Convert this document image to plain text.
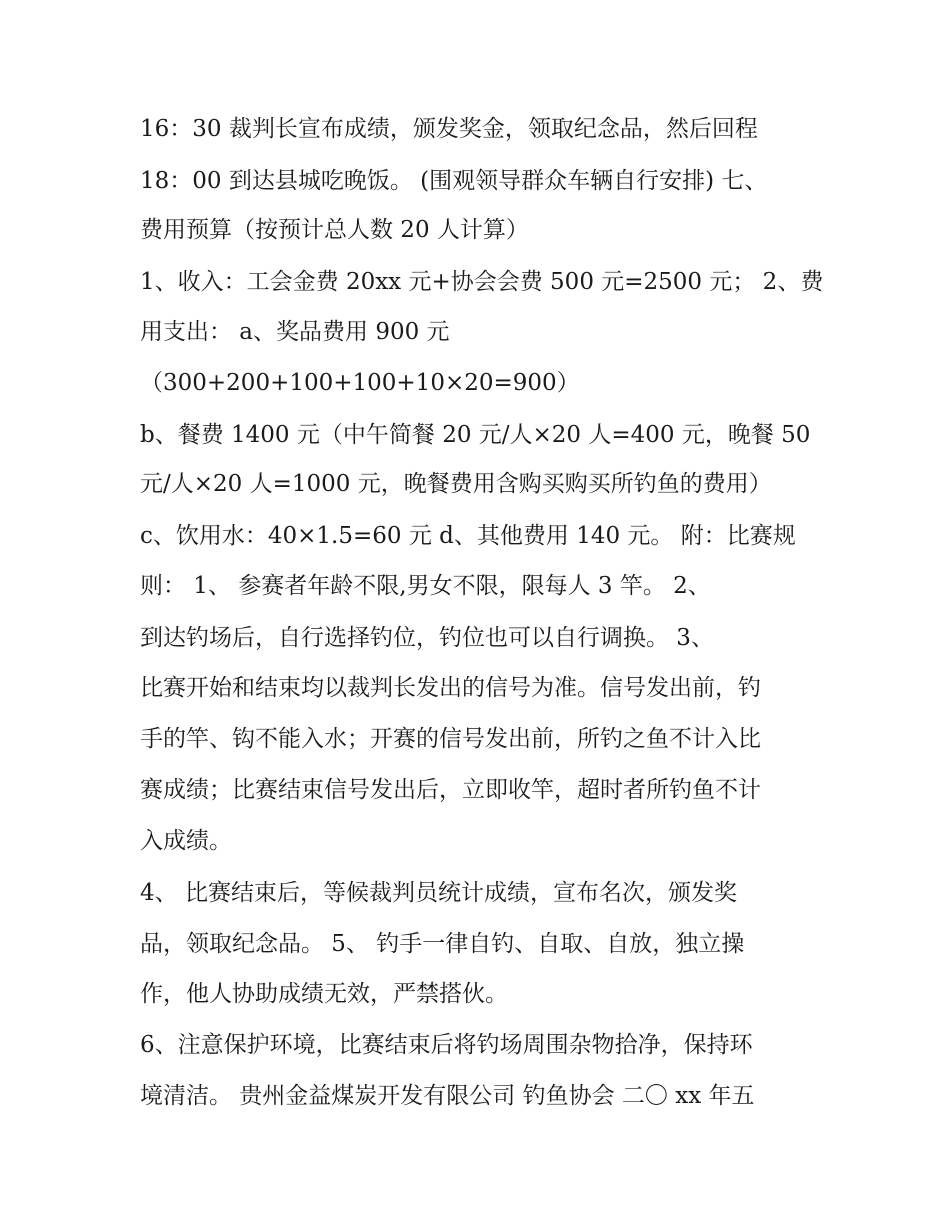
16：30 裁判长宣布成绩，颁发奖金，领取纪念品，然后回程
18：00 到达县城吃晚饭。 (围观领导群众车辆自行安排) 七、
费用预算（按预计总人数 20 人计算）
1、收入：工会金费 20xx 元+协会会费 500 元=2500 元； 2、费
用支出： a、奖品费用 900 元
（300+200+100+100+10×20=900）
b、餐费 1400 元（中午简餐 20 元/人×20 人=400 元，晚餐 50
元/人×20 人=1000 元，晚餐费用含购买购买所钓鱼的费用）
c、饮用水：40×1.5=60 元 d、其他费用 140 元。 附：比赛规
则： 1、 参赛者年龄不限,男女不限，限每人 3 竿。 2、
到达钓场后，自行选择钓位，钓位也可以自行调换。 3、
比赛开始和结束均以裁判长发出的信号为准。信号发出前，钓
手的竿、钩不能入水；开赛的信号发出前，所钓之鱼不计入比
赛成绩；比赛结束信号发出后，立即收竿，超时者所钓鱼不计
入成绩。
4、 比赛结束后，等候裁判员统计成绩，宣布名次，颁发奖
品，领取纪念品。 5、 钓手一律自钓、自取、自放，独立操
作，他人协助成绩无效，严禁搭伙。
6、注意保护环境，比赛结束后将钓场周围杂物拾净，保持环
境清洁。 贵州金益煤炭开发有限公司 钓鱼协会 二〇 xx 年五
